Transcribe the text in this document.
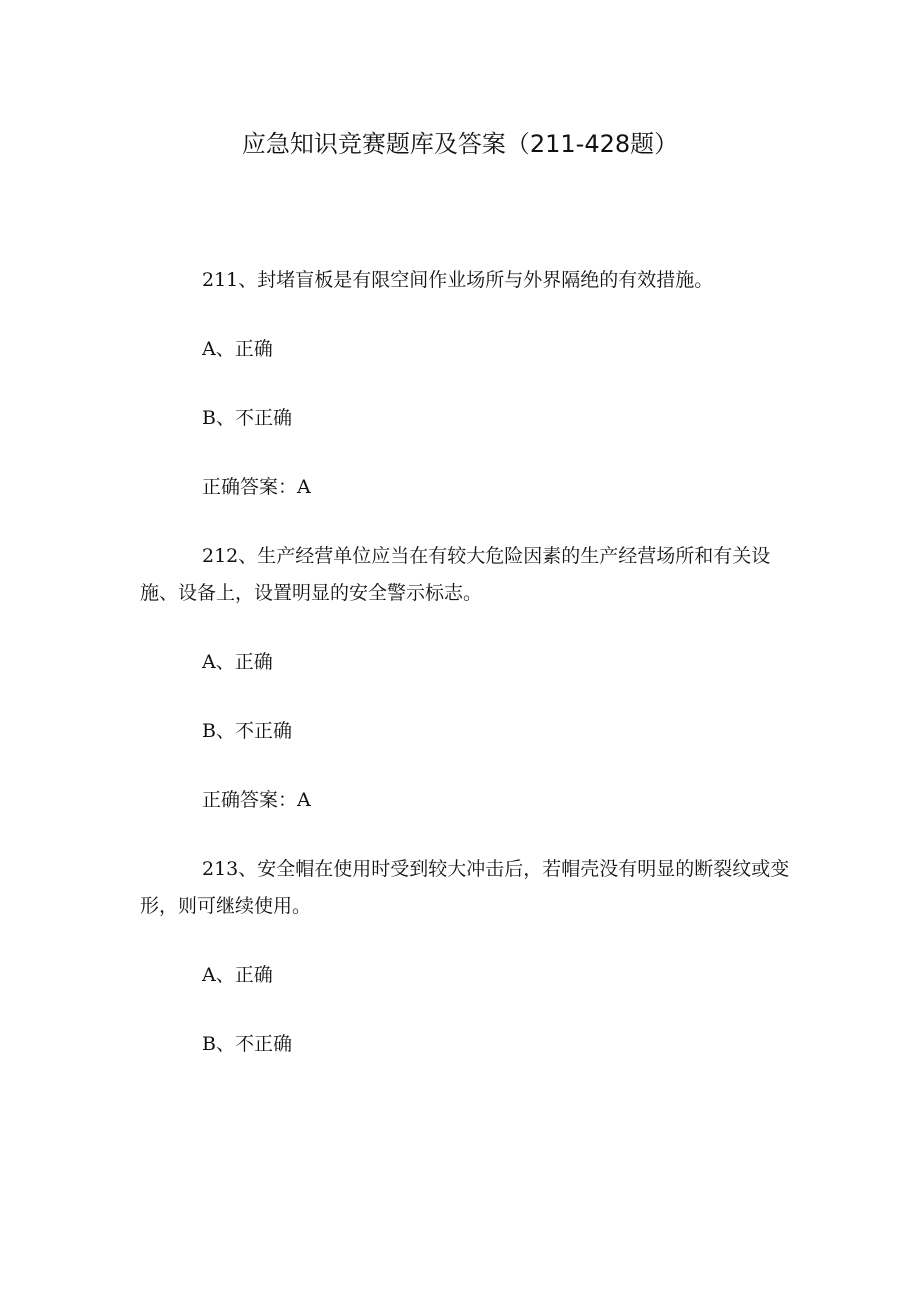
应急知识竞赛题库及答案（211-428题）

211、封堵盲板是有限空间作业场所与外界隔绝的有效措施。

A、正确

B、不正确

正确答案：A

212、生产经营单位应当在有较大危险因素的生产经营场所和有关设施、设备上，设置明显的安全警示标志。

A、正确

B、不正确

正确答案：A

213、安全帽在使用时受到较大冲击后，若帽壳没有明显的断裂纹或变形，则可继续使用。

A、正确

B、不正确
